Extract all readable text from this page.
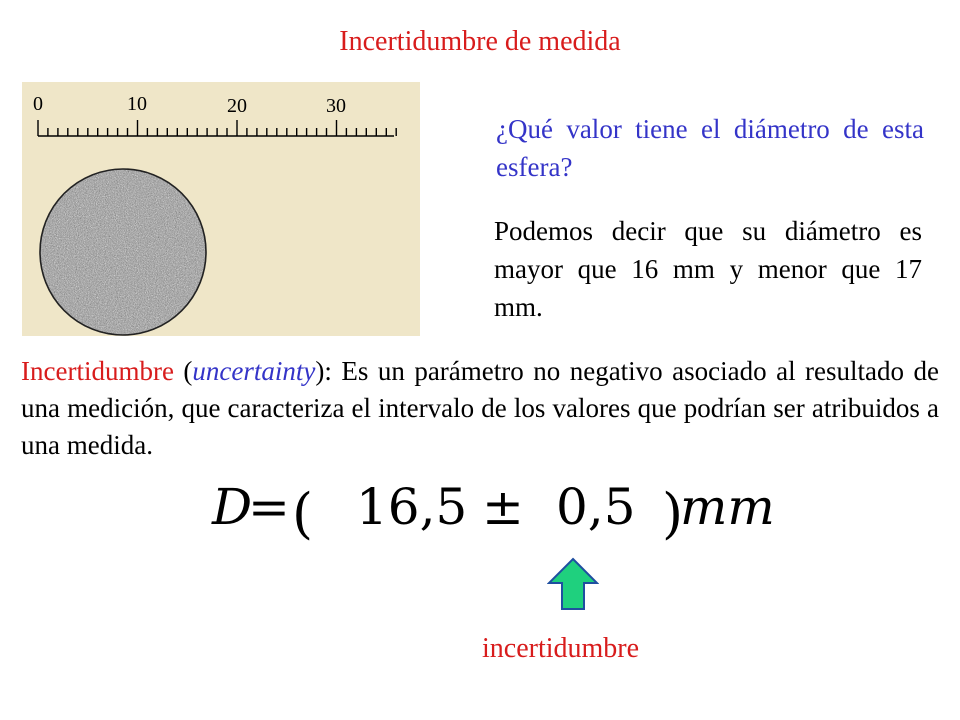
Incertidumbre de medida
0	10	20	30
¿Qué valor tiene el diámetro de esta esfera?
Podemos decir que su diámetro es mayor que 16 mm y menor que 17 mm.
Incertidumbre (uncertainty): Es un parámetro no negativo asociado al resultado de una medición, que caracteriza el intervalo de los valores que podrían ser atribuidos a una medida.
D
= ( 16,5 ± 0,5 )
mm
incertidumbre
